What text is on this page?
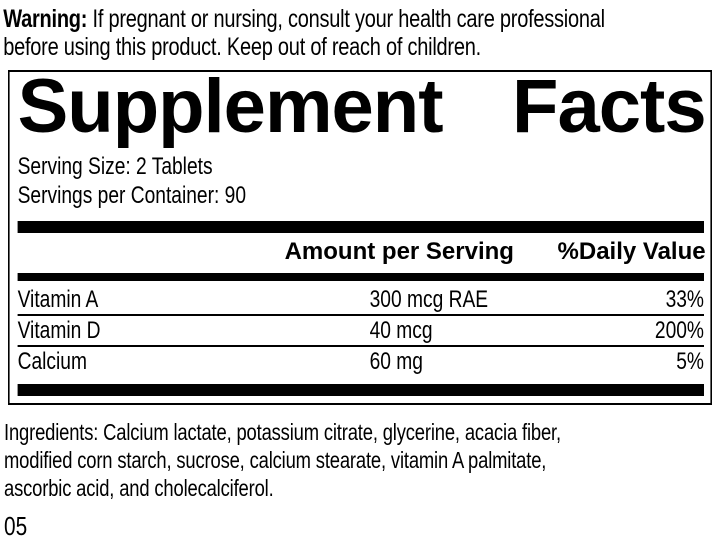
Warning: If pregnant or nursing, consult your health care professional
before using this product. Keep out of reach of children.
Supplement Facts
Serving Size: 2 Tablets
Servings per Container: 90
Amount per Serving %Daily Value
Vitamin A	300 mcg RAE	33%
Vitamin D	40 mcg	200%
Calcium	60 mg	5%
Ingredients: Calcium lactate, potassium citrate, glycerine, acacia fiber,
modified corn starch, sucrose, calcium stearate, vitamin A palmitate,
ascorbic acid, and cholecalciferol.
05
